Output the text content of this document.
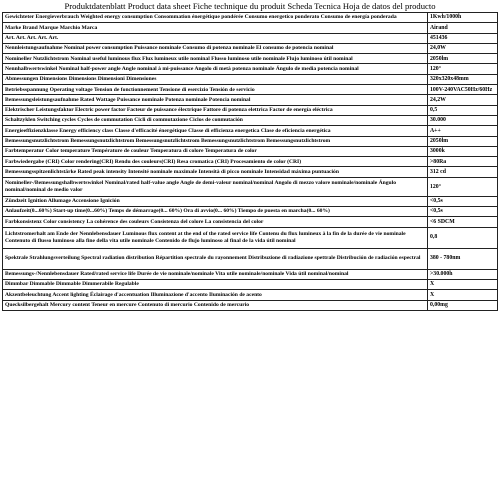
Produktdatenblatt Product data sheet Fiche technique du produit Scheda Tecnica Hoja de datos del producto
Gewichteter Energieverbrauch Weighted energy consumption Consommation énergétique pondérée Consumo energetico ponderato Consumo de energía ponderada	1Kwh/1000h
Marke Brand Marque Marchio Marca	Airand
Art. Art. Art. Art. Art.	451436
Nennleistungsaufnahme Nominal power consumption Puissance nominale Consumo di potenza nominale El consumo de potencia nominal	24,0W
Nomineller Nutzlichtstrom Nominal useful luminous flux Flux lumineux utile nominal Flusso luminoso utile nominale Flujo luminoso útil nominal	2050lm
Nennhalbwertswinkel Nominal half-power angle Angle nominal à mi-puissance Angolo di metà potenza nominale Ángulo de media potencia nominal	120°
Abmessungen Dimensions Dimensions Dimensioni Dimensiones	320x320x48mm
Betriebsspannung Operating voltage Tension de fonctionnement Tensione di esercizio Tensión de servicio	100V-240VAC50Hz/60Hz
Bemessungsleistungsaufnahme Rated Wattage Puissance nominale Potenza nominale Potencia nominal	24,2W
Elektrischer Leistungsfaktor Electric power factor Facteur de puissance électrique Fattore di potenza elettrica Factor de energía eléctrica	0,5
Schaltzyklen Switching cycles Cycles de commutation Cicli di commutazione Ciclos de conmutación	30.000
Energieeffizienzklasse Energy efficiency class Classe d'efficacité énergétique Classe di efficienza energetica Clase de eficiencia energética	A++
Bemessungsnutzlichtstrom Bemessungsnutzlichtstrom Bemessungsnutzlichtstrom Bemessungsnutzlichtstrom Bemessungsnutzlichtstrom	2050lm
Farbtemperatur Color temperature Température de couleur Temperatura di colore Temperatura de color	3000k
Farbwiedergabe (CRI) Color rendering(CRI) Rendu des couleurs(CRI) Resa cromatica (CRI) Procesamiento de color (CRI)	>80Ra
Bemessungsspitzenlichtstärke Rated peak intensity Intensité nominale maximale Intensità di picco nominale Intensidad máxima puntuación	312 cd
Nomineller-/Bemessungshalbwertswinkel Nominal/rated half-value angle Angle de demi-valeur nominal/nominal Angolo di mezzo valore nominale/nominale Ángulo nominal/nominal de medio valor	120°
Zündzeit Ignition Allumage Accensione Ignición	<0,5s
Anlaufzeit(0...60%) Start-up time(0...60%) Temps de démarrage(0... 60%) Ora di avvio(0... 60%) Tiempo de puesta en marcha(0... 60%)	<0,5s
Farbkonsistenz Color consistency La cohérence des couleurs Consistenza del colore La consistencia del color	<6 SDCM
Lichtstromerhalt am Ende der Nennlebensdauer Luminous flux content at the end of the rated service life Contenu du flux lumineux à la fin de la durée de vie nominale Contenuto di flusso luminoso alla fine della vita utile nominale Contenido de flujo luminoso al final de la vida útil nominal	0,8
Spektrale Strahlungsverteilung Spectral radiation distribution Répartition spectrale du rayonnement Distribuzione di radiazione spettrale Distribución de radiación espectral	380 - 780nm
Bemessungs-/Nennlebensdauer Rated/rated service life Durée de vie nominale/nominale Vita utile nominale/nominale Vida útil nominal/nominal	>30.000h
Dimmbar Dimmable Dimmable Dimmerabile Regulable	X
Akzentbeleuchtung Accent lighting Éclairage d'accentuation Illuminazione d'accento Iluminación de acento	X
Quecksilbergehalt Mercury content Teneur en mercure Contenuto di mercurio Contenido de mercurio	0,00mg
